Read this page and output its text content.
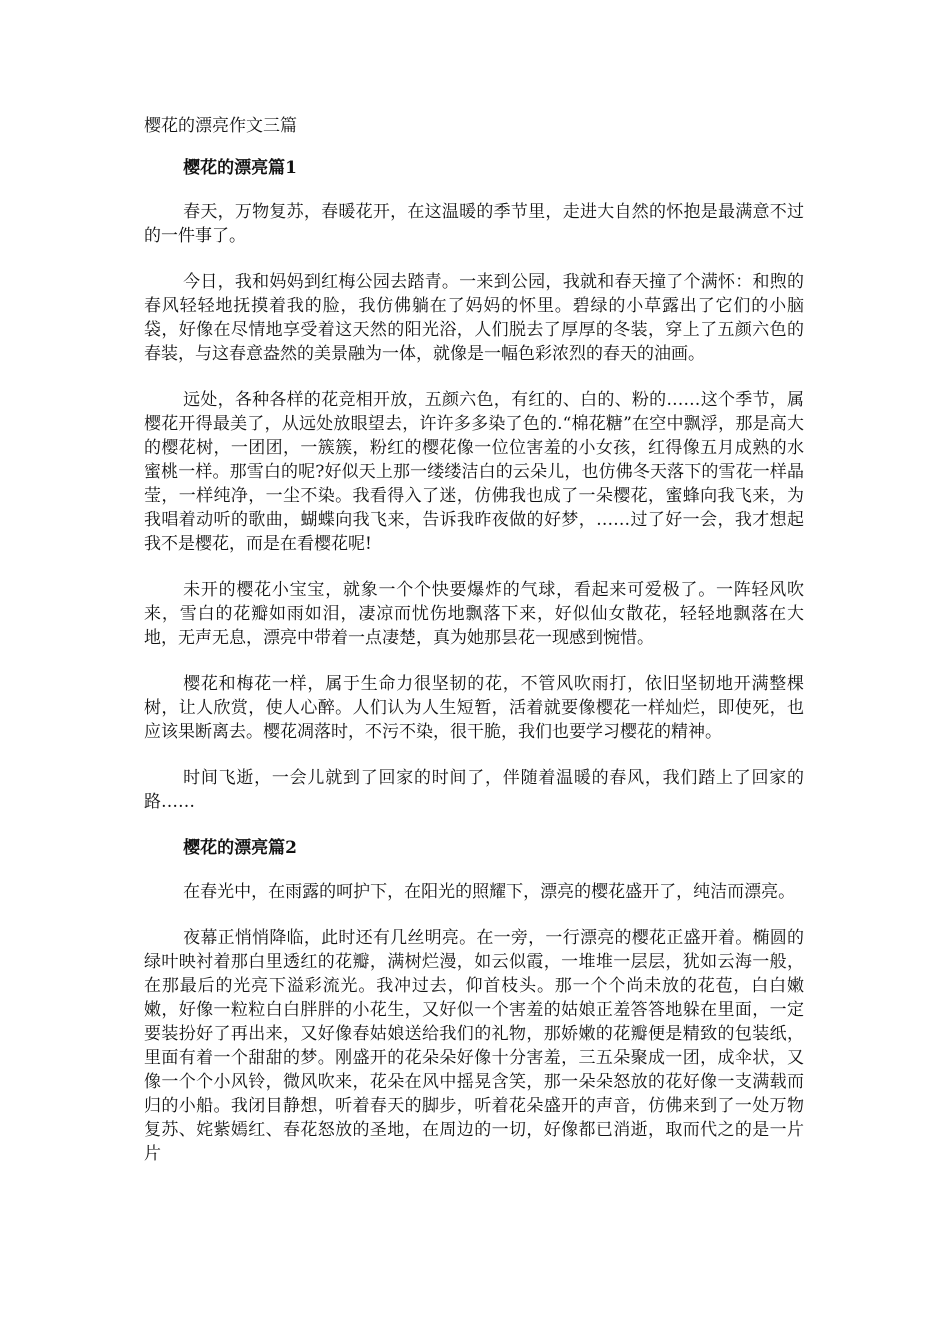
樱花的漂亮作文三篇
樱花的漂亮篇1

春天，万物复苏，春暖花开，在这温暖的季节里，走进大自然的怀抱是最满意不过的一件事了。

今日，我和妈妈到红梅公园去踏青。一来到公园，我就和春天撞了个满怀：和煦的春风轻轻地抚摸着我的脸，我仿佛躺在了妈妈的怀里。碧绿的小草露出了它们的小脑袋，好像在尽情地享受着这天然的阳光浴，人们脱去了厚厚的冬装，穿上了五颜六色的春装，与这春意盎然的美景融为一体，就像是一幅色彩浓烈的春天的油画。

远处，各种各样的花竞相开放，五颜六色，有红的、白的、粉的……这个季节，属樱花开得最美了，从远处放眼望去，许许多多染了色的.“棉花糖”在空中飘浮，那是高大的樱花树，一团团，一簇簇，粉红的樱花像一位位害羞的小女孩，红得像五月成熟的水蜜桃一样。那雪白的呢?好似天上那一缕缕洁白的云朵儿，也仿佛冬天落下的雪花一样晶莹，一样纯净，一尘不染。我看得入了迷，仿佛我也成了一朵樱花，蜜蜂向我飞来，为我唱着动听的歌曲，蝴蝶向我飞来，告诉我昨夜做的好梦，……过了好一会，我才想起我不是樱花，而是在看樱花呢!

未开的樱花小宝宝，就象一个个快要爆炸的气球，看起来可爱极了。一阵轻风吹来，雪白的花瓣如雨如泪，凄凉而忧伤地飘落下来，好似仙女散花，轻轻地飘落在大地，无声无息，漂亮中带着一点凄楚，真为她那昙花一现感到惋惜。

樱花和梅花一样，属于生命力很坚韧的花，不管风吹雨打，依旧坚韧地开满整棵树，让人欣赏，使人心醉。人们认为人生短暂，活着就要像樱花一样灿烂，即使死，也应该果断离去。樱花凋落时，不污不染，很干脆，我们也要学习樱花的精神。

时间飞逝，一会儿就到了回家的时间了，伴随着温暖的春风，我们踏上了回家的路……

樱花的漂亮篇2

在春光中，在雨露的呵护下，在阳光的照耀下，漂亮的樱花盛开了，纯洁而漂亮。

夜幕正悄悄降临，此时还有几丝明亮。在一旁，一行漂亮的樱花正盛开着。椭圆的绿叶映衬着那白里透红的花瓣，满树烂漫，如云似霞，一堆堆一层层，犹如云海一般，在那最后的光亮下溢彩流光。我冲过去，仰首枝头。那一个个尚未放的花苞，白白嫩嫩，好像一粒粒白白胖胖的小花生，又好似一个害羞的姑娘正羞答答地躲在里面，一定要装扮好了再出来，又好像春姑娘送给我们的礼物，那娇嫩的花瓣便是精致的包装纸，里面有着一个甜甜的梦。刚盛开的花朵朵好像十分害羞，三五朵聚成一团，成伞状，又像一个个小风铃，微风吹来，花朵在风中摇晃含笑，那一朵朵怒放的花好像一支满载而归的小船。我闭目静想，听着春天的脚步，听着花朵盛开的声音，仿佛来到了一处万物复苏、姹紫嫣红、春花怒放的圣地，在周边的一切，好像都已消逝，取而代之的是一片片
